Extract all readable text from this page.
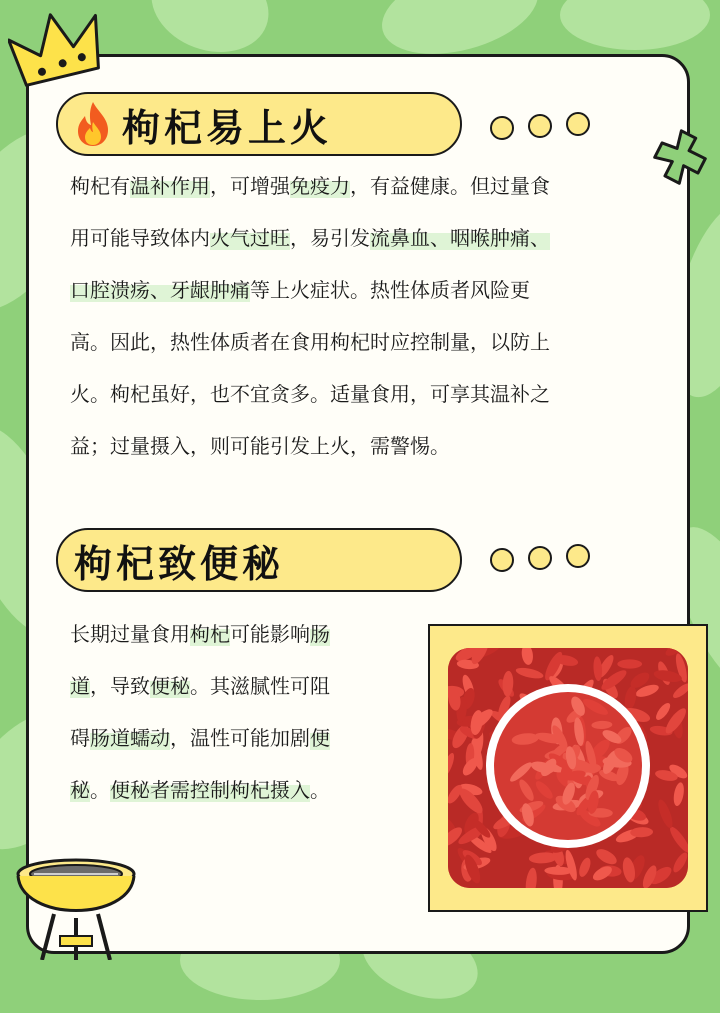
枸杞易上火
枸杞有温补作用，可增强免疫力，有益健康。但过量食
用可能导致体内火气过旺，易引发流鼻血、咽喉肿痛、
口腔溃疡、牙龈肿痛等上火症状。热性体质者风险更
高。因此，热性体质者在食用枸杞时应控制量，以防上
火。枸杞虽好，也不宜贪多。适量食用，可享其温补之
益；过量摄入，则可能引发上火，需警惕。
枸杞致便秘
长期过量食用枸杞可能影响肠
道，导致便秘。其滋腻性可阻
碍肠道蠕动，温性可能加剧便
秘。便秘者需控制枸杞摄入。
